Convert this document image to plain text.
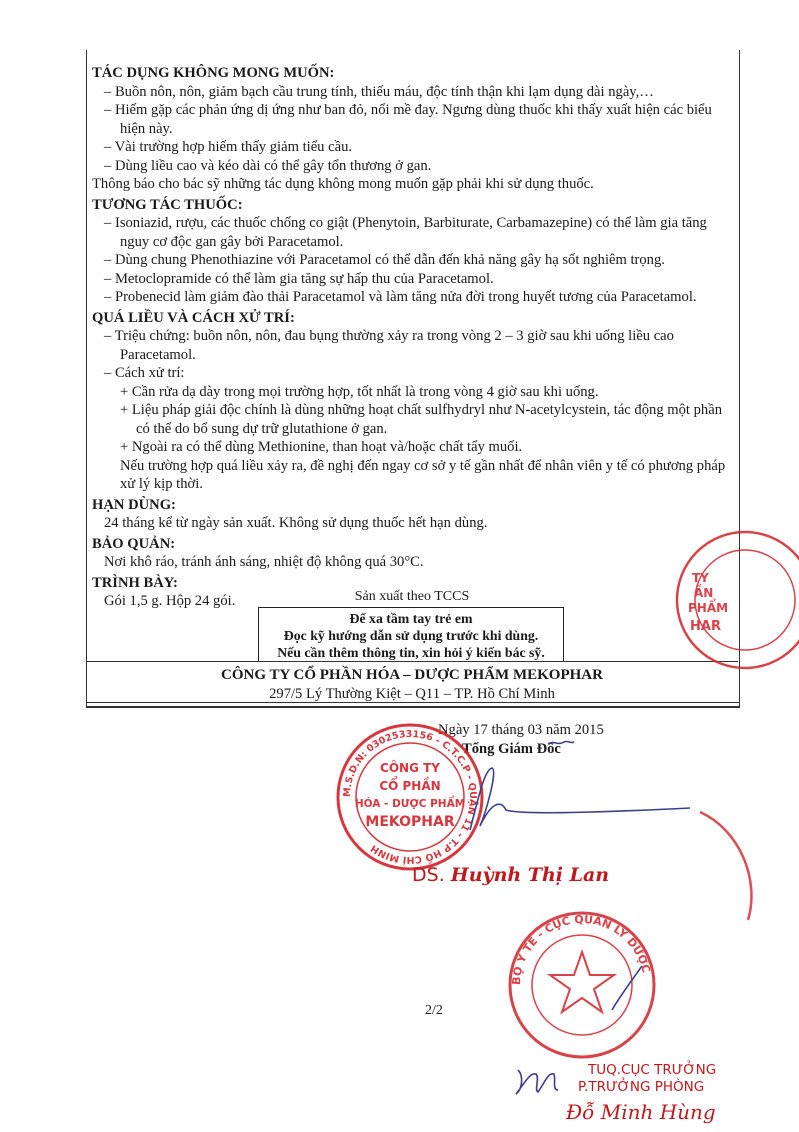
TÁC DỤNG KHÔNG MONG MUỐN:

– Buồn nôn, nôn, giảm bạch cầu trung tính, thiếu máu, độc tính thận khi lạm dụng dài ngày,…

– Hiếm gặp các phản ứng dị ứng như ban đỏ, nổi mề đay. Ngưng dùng thuốc khi thấy xuất hiện các biểu hiện này.

– Vài trường hợp hiếm thấy giảm tiểu cầu.

– Dùng liều cao và kéo dài có thể gây tổn thương ở gan.

Thông báo cho bác sỹ những tác dụng không mong muốn gặp phải khi sử dụng thuốc.

TƯƠNG TÁC THUỐC:

– Isoniazid, rượu, các thuốc chống co giật (Phenytoin, Barbiturate, Carbamazepine) có thể làm gia tăng nguy cơ độc gan gây bởi Paracetamol.

– Dùng chung Phenothiazine với Paracetamol có thể dẫn đến khả năng gây hạ sốt nghiêm trọng.

– Metoclopramide có thể làm gia tăng sự hấp thu của Paracetamol.

– Probenecid làm giảm đào thải Paracetamol và làm tăng nửa đời trong huyết tương của Paracetamol.

QUÁ LIỀU VÀ CÁCH XỬ TRÍ:

– Triệu chứng: buồn nôn, nôn, đau bụng thường xảy ra trong vòng 2 – 3 giờ sau khi uống liều cao Paracetamol.

– Cách xử trí:

+ Cần rửa dạ dày trong mọi trường hợp, tốt nhất là trong vòng 4 giờ sau khi uống.

+ Liệu pháp giải độc chính là dùng những hoạt chất sulfhydryl như N-acetylcystein, tác động một phần có thể do bổ sung dự trữ glutathione ở gan.

+ Ngoài ra có thể dùng Methionine, than hoạt và/hoặc chất tẩy muối.

Nếu trường hợp quá liều xảy ra, đề nghị đến ngay cơ sở y tế gần nhất để nhân viên y tế có phương pháp xử lý kịp thời.

HẠN DÙNG:

24 tháng kể từ ngày sản xuất. Không sử dụng thuốc hết hạn dùng.

BẢO QUẢN:

Nơi khô ráo, tránh ánh sáng, nhiệt độ không quá 30°C.

TRÌNH BÀY:

Gói 1,5 g. Hộp 24 gói.	Sản xuất theo TCCS
Để xa tầm tay trẻ em
Đọc kỹ hướng dẫn sử dụng trước khi dùng.
Nếu cần thêm thông tin, xin hỏi ý kiến bác sỹ.
CÔNG TY CỔ PHẦN HÓA – DƯỢC PHẨM MEKOPHAR
297/5 Lý Thường Kiệt – Q11 – TP. Hồ Chí Minh
Ngày 17 tháng 03 năm 2015
Tổng Giám Đốc
TY
ẦN
PHẨM
HAR
M.S.D.N: 0302533156 - C.T.C.P - QUẬN 11 - T.P HỒ CHÍ MINH
CÔNG TY
CỔ PHẦN
HÓA - DƯỢC PHẨM
MEKOPHAR
BỘ Y TẾ - CỤC QUẢN LÝ DƯỢC
DS. Huỳnh Thị Lan
2/2
TUQ.CỤC TRƯỞNG
P.TRƯỞNG PHÒNG
Đỗ Minh Hùng
